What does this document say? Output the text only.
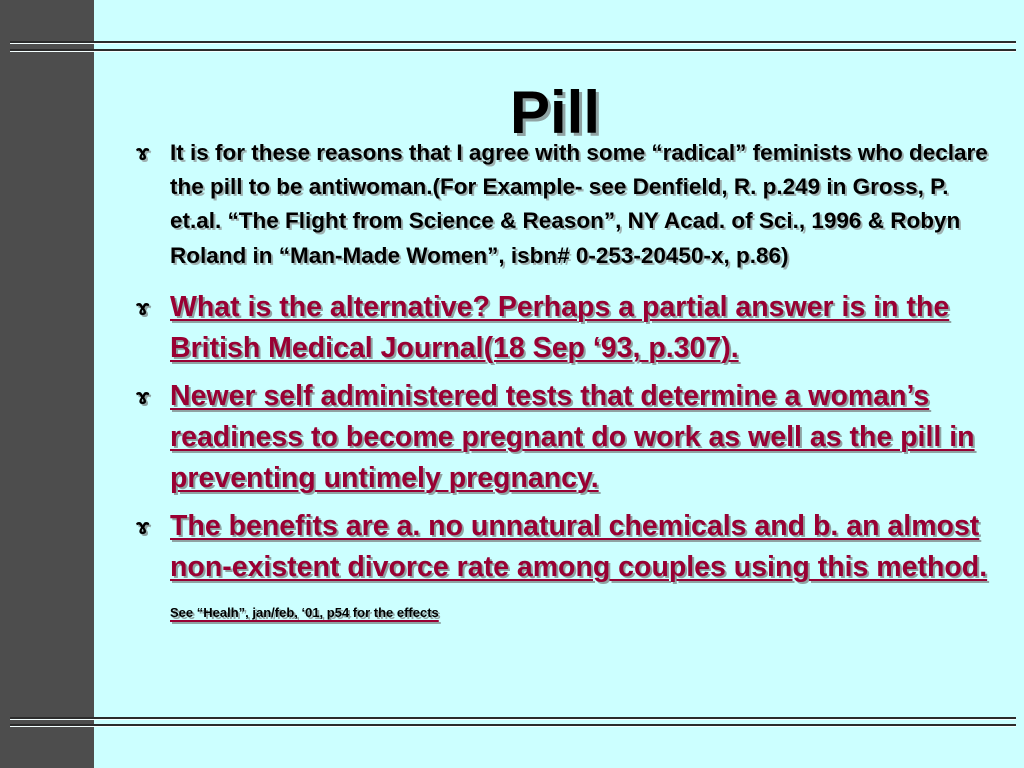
Pill
ɤ It is for these reasons that I agree with some “radical” feminists who declare the pill to be antiwoman.(For Example- see Denfield, R. p.249 in Gross, P. et.al. “The Flight from Science & Reason”, NY Acad. of Sci., 1996 & Robyn Roland in “Man-Made Women”, isbn# 0-253-20450-x, p.86)
ɤ What is the alternative? Perhaps a partial answer is in the British Medical Journal(18 Sep ‘93, p.307).
ɤ Newer self administered tests that determine a woman’s readiness to become pregnant do work as well as the pill in preventing untimely pregnancy.
ɤ The benefits are a. no unnatural chemicals and b. an almost non-existent divorce rate among couples using this method. See “Healh”, jan/feb, ‘01, p54 for the effects
